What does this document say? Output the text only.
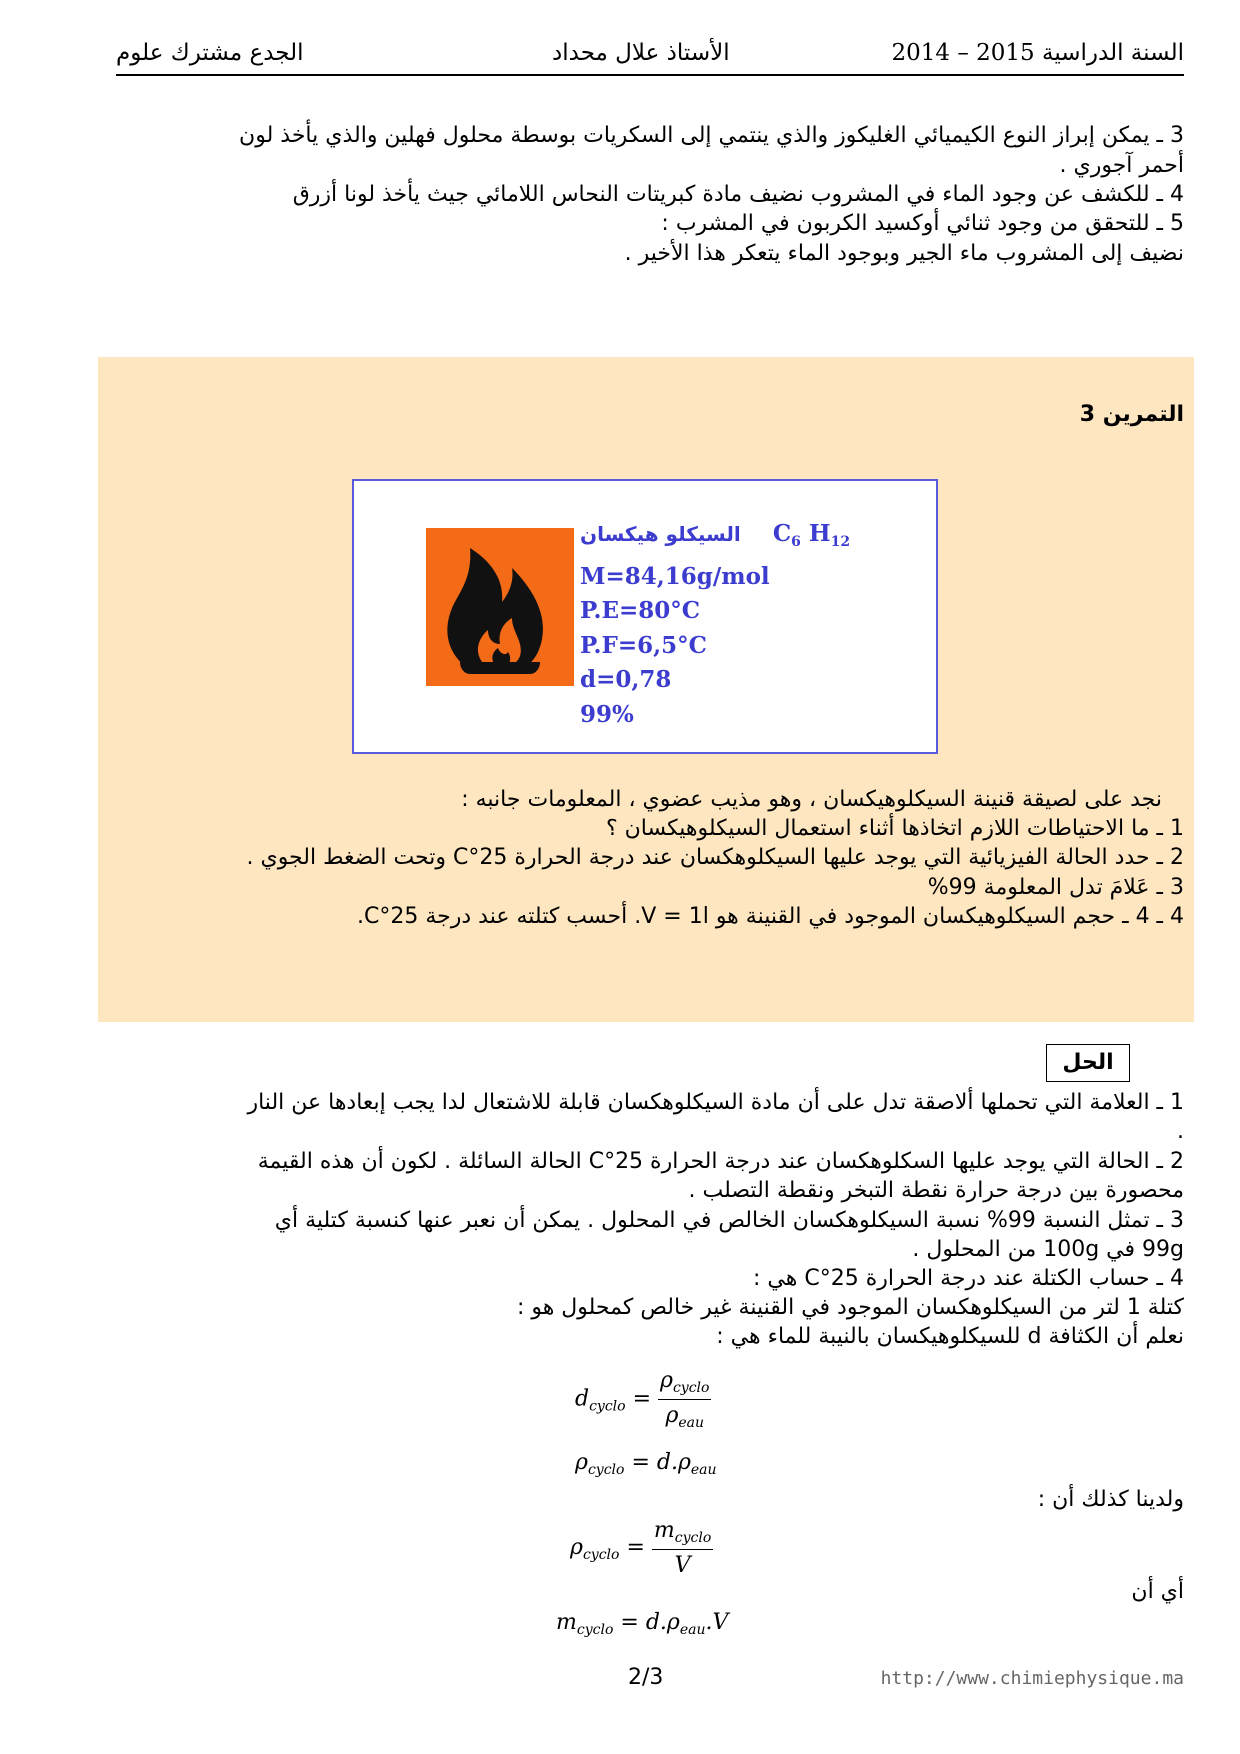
الجدع مشترك علوم	الأستاذ علال محداد	السنة الدراسية 2014 – 2015
3 ـ يمكن إبراز النوع الكيميائي الغليكوز والذي ينتمي إلى السكريات بوسطة محلول فهلين والذي يأخذ لون
أحمر آجوري .
4 ـ للكشف عن وجود الماء في المشروب نضيف مادة كبريتات النحاس اللامائي جيث يأخذ لونا أزرق
5 ـ للتحقق من وجود ثنائي أوكسيد الكربون في المشرب :
نضيف إلى المشروب ماء الجير وبوجود الماء يتعكر هذا الأخير .
التمرين 3
السيكلو هيكسان $C_6$ $H_{12}$
M=84,16g/mol
P.E=80°C
P.F=6,5°C
d=0,78
99%
نجد على لصيقة قنينة السيكلوهيكسان ، وهو مذيب عضوي ، المعلومات جانبه :
1 ـ ما الاحتياطات اللازم اتخاذها أثناء استعمال السيكلوهيكسان ؟
2 ـ حدد الحالة الفيزيائية التي يوجد عليها السيكلوهكسان عند درجة الحرارة 25°C وتحت الضغط الجوي .
3 ـ عَلامَ تدل المعلومة 99%
4 ـ 4 ـ حجم السيكلوهيكسان الموجود في القنينة هو V = 1l. أحسب كتلته عند درجة 25°C.
الحل
1 ـ العلامة التي تحملها ألاصقة تدل على أن مادة السيكلوهكسان قابلة للاشتعال لدا يجب إبعادها عن النار
.
2 ـ الحالة التي يوجد عليها السكلوهكسان عند درجة الحرارة 25°C الحالة السائلة . لكون أن هذه القيمة
محصورة بين درجة حرارة نقطة التبخر ونقطة التصلب .
3 ـ تمثل النسبة 99% نسبة السيكلوهكسان الخالص في المحلول . يمكن أن نعبر عنها كنسبة كتلية أي
99g في 100g من المحلول .
4 ـ حساب الكتلة عند درجة الحرارة 25°C هي :
كتلة 1 لتر من السيكلوهكسان الموجود في القنينة غير خالص كمحلول هو :
نعلم أن الكثافة d للسيكلوهيكسان بالنيبة للماء هي :
$d_{cyclo} = \frac{\rho_{cyclo}}{\rho_{eau}}$
$\rho_{cyclo} = d.\rho_{eau}$
ولدينا كذلك أن :
$\rho_{cyclo} = \frac{m_{cyclo}}{V}$
أي أن
$m_{cyclo} = d.\rho_{eau}.V$
2/3	http://www.chimiephysique.ma
